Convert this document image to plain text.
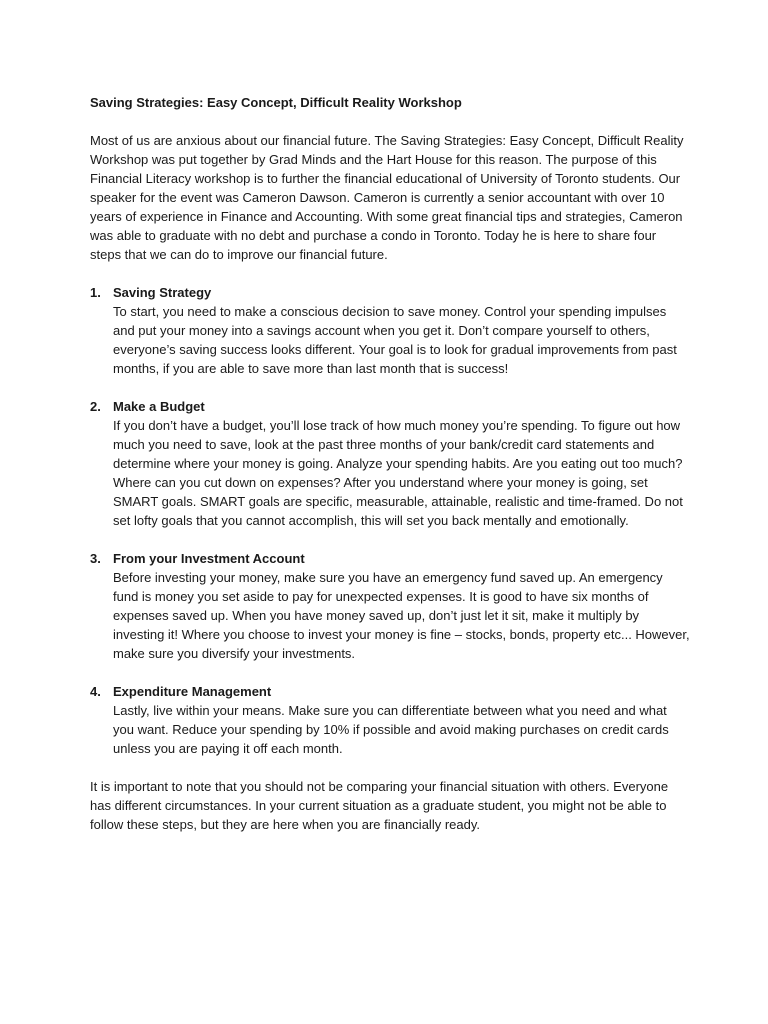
Saving Strategies: Easy Concept, Difficult Reality Workshop

Most of us are anxious about our financial future. The Saving Strategies: Easy Concept, Difficult Reality Workshop was put together by Grad Minds and the Hart House for this reason. The purpose of this Financial Literacy workshop is to further the financial educational of University of Toronto students. Our speaker for the event was Cameron Dawson. Cameron is currently a senior accountant with over 10 years of experience in Finance and Accounting. With some great financial tips and strategies, Cameron was able to graduate with no debt and purchase a condo in Toronto. Today he is here to share four steps that we can do to improve our financial future.

1. Saving Strategy
To start, you need to make a conscious decision to save money. Control your spending impulses and put your money into a savings account when you get it. Don’t compare yourself to others, everyone’s saving success looks different. Your goal is to look for gradual improvements from past months, if you are able to save more than last month that is success!
2. Make a Budget
If you don’t have a budget, you’ll lose track of how much money you’re spending. To figure out how much you need to save, look at the past three months of your bank/credit card statements and determine where your money is going. Analyze your spending habits. Are you eating out too much? Where can you cut down on expenses? After you understand where your money is going, set SMART goals. SMART goals are specific, measurable, attainable, realistic and time-framed. Do not set lofty goals that you cannot accomplish, this will set you back mentally and emotionally.
3. From your Investment Account
Before investing your money, make sure you have an emergency fund saved up. An emergency fund is money you set aside to pay for unexpected expenses. It is good to have six months of expenses saved up. When you have money saved up, don’t just let it sit, make it multiply by investing it! Where you choose to invest your money is fine – stocks, bonds, property etc... However, make sure you diversify your investments.
4. Expenditure Management
Lastly, live within your means. Make sure you can differentiate between what you need and what you want. Reduce your spending by 10% if possible and avoid making purchases on credit cards unless you are paying it off each month.

It is important to note that you should not be comparing your financial situation with others. Everyone has different circumstances. In your current situation as a graduate student, you might not be able to follow these steps, but they are here when you are financially ready.
